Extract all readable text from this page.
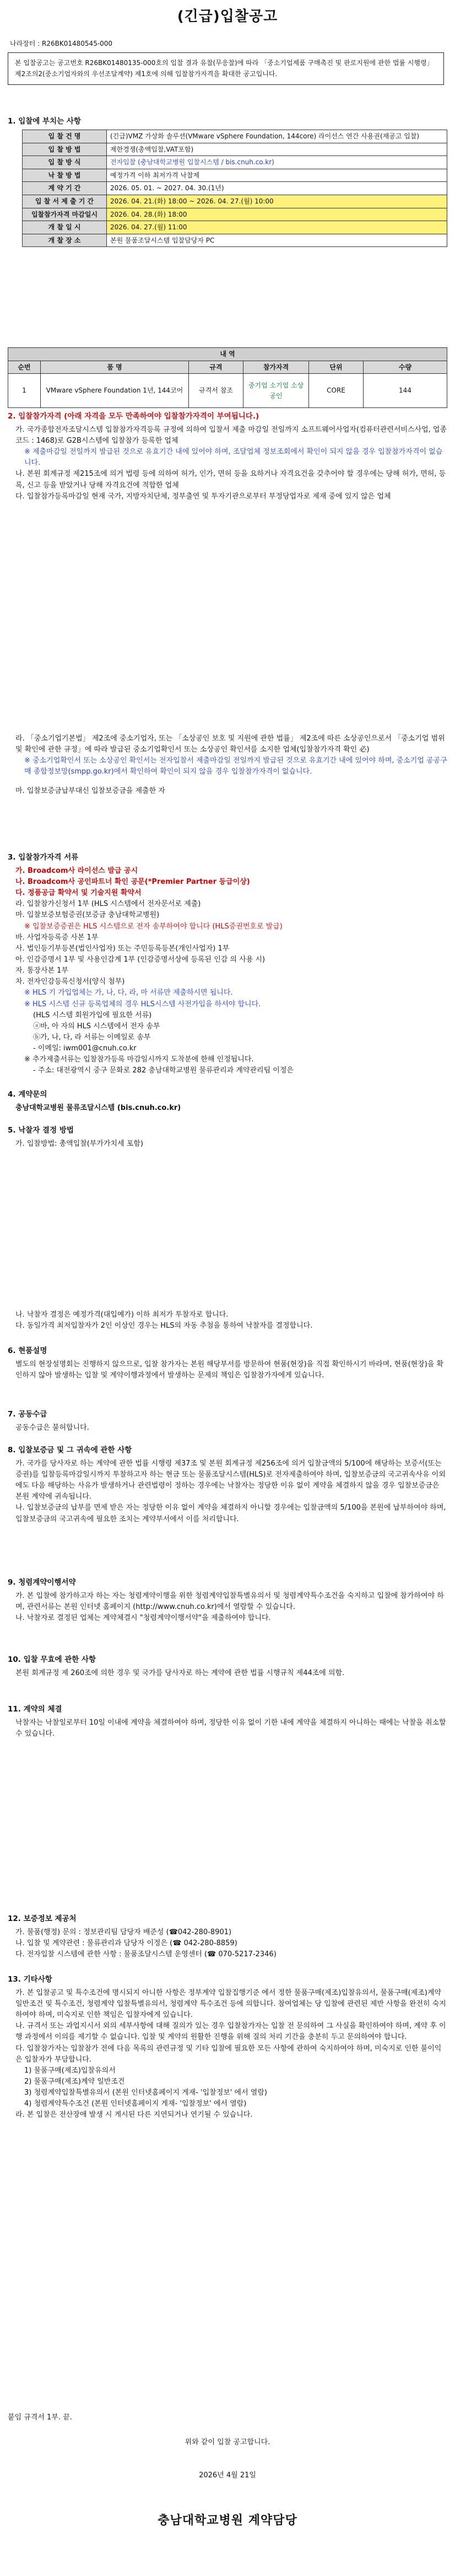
(긴급)입찰공고
나라장터 : R26BK01480545-000
본 입찰공고는 공고번호 R26BK01480135-000호의 입찰 결과 유찰(무응찰)에 따라 「중소기업제품 구매촉진 및 판로지원에 관한 법률 시행령」 제2조의2(중소기업자와의 우선조달계약) 제1호에 의해 입찰참가자격을 확대한 공고입니다.
1. 입찰에 부치는 사항
입 찰 건 명	(긴급)VMZ 가상화 솔루션(VMware vSphere Foundation, 144core) 라이선스 연간 사용권(재공고 입찰)
입 찰 방 법	제한경쟁(총액입찰,VAT포함)
입 찰 방 식	전자입찰 (충남대학교병원 입찰시스템 / bis.cnuh.co.kr)
낙 찰 방 법	예정가격 이하 최저가격 낙찰제
계 약 기 간	2026. 05. 01. ~ 2027. 04. 30.(1년)
입 찰 서 제 출 기 간	2026. 04. 21.(화) 18:00 ~ 2026. 04. 27.(월) 10:00
입찰참가자격 마감일시	2026. 04. 28.(화) 18:00
개 찰 일 시	2026. 04. 27.(월) 11:00
개 찰 장 소	본원 물품조달시스템 입찰담당자 PC
내 역					
순번	품 명	규격	참가자격	단위	수량
1	VMware vSphere Foundation 1년, 144코어	규격서 참조	중기업 소기업 소상공인	CORE	144
2. 입찰참가자격 (아래 자격을 모두 만족하여야 입찰참가자격이 부여됩니다.)

가. 국가종합전자조달시스템 입찰참가자격등록 규정에 의하여 입찰서 제출 마감일 전일까지 소프트웨어사업자(컴퓨터관련서비스사업, 업종코드 : 1468)로 G2B시스템에 입찰참가 등록한 업체

※ 제출마감일 전일까지 발급된 것으로 유효기간 내에 있어야 하며, 조달업체 정보조회에서 확인이 되지 않을 경우 입찰참가자격이 없습니다.

나. 본원 회계규정 제215조에 의거 법령 등에 의하여 허가, 인가, 면허 등을 요하거나 자격요건을 갖추어야 할 경우에는 당해 허가, 면허, 등록, 신고 등을 받았거나 당해 자격요건에 적합한 업체

다. 입찰참가등록마감일 현재 국가, 지방자치단체, 정부출연 및 투자기관으로부터 부정당업자로 제재 중에 있지 않은 업체

라. 「중소기업기본법」 제2조에 중소기업자, 또는 「소상공인 보호 및 지원에 관한 법률」 제2조에 따른 소상공인으로서 「중소기업 범위 및 확인에 관한 규정」에 따라 발급된 중소기업확인서 또는 소상공인 확인서를 소지한 업체(입찰참가자격 확인 必)

※ 중소기업확인서 또는 소상공인 확인서는 전자입찰서 제출마감일 전일까지 발급된 것으로 유효기간 내에 있어야 하며, 중소기업 공공구매 종합정보망(smpp.go.kr)에서 확인하여 확인이 되지 않을 경우 입찰참가자격이 없습니다.

마. 입찰보증금납부대신 입찰보증금을 제출한 자

3. 입찰참가자격 서류

가. Broadcom사 라이선스 발급 공시

나. Broadcom사 공인파트너 확인 공문(*Premier Partner 등급이상)

다. 정품공급 확약서 및 기술지원 확약서

라. 입찰참가신청서 1부 (HLS 시스템에서 전자문서로 제출)

마. 입찰보증보험증권(보증금 충남대학교병원)

※ 입찰보증증권은 HLS 시스템으로 전자 송부하여야 합니다 (HLS증권번호로 발급)

바. 사업자등록증 사본 1부

사. 법인등기부등본(법인사업자) 또는 주민등록등본(개인사업자) 1부

아. 인감증명서 1부 및 사용인감계 1부 (인감증명서상에 등록된 인감 의 사용 시)

자. 통장사본 1부

차. 전자인감등록신청서(양식 첨부)

※ HLS 기 가입업체는 가, 나, 다, 라, 마 서류만 제출하시면 됩니다.

※ HLS 시스템 신규 등록업체의 경우 HLS시스템 사전가입을 하셔야 합니다.

(HLS 시스템 회원가입에 필요한 서류)

ⓐ바, 아 자의 HLS 시스템에서 전자 송부

ⓑ가, 나, 다, 라 서류는 이메일로 송부

- 이메일: iwm001@cnuh.co.kr

※ 추가제출서류는 입찰참가등록 마감일시까지 도착분에 한해 인정됩니다.

- 주소: 대전광역시 중구 문화로 282 충남대학교병원 물류관리과 계약관리팀 이정은

4. 계약문의

충남대학교병원 물류조달시스템 (bis.cnuh.co.kr)

5. 낙찰자 결정 방법

가. 입찰방법: 총액입찰(부가가치세 포함)

나. 낙찰자 결정은 예정가격(대입예가) 이하 최저가 투찰자로 합니다.

다. 동일가격 최저입찰자가 2인 이상인 경우는 HLS의 자동 추첨을 통하여 낙찰자를 결정합니다.

6. 현품설명

별도의 현장설명회는 진행하지 않으므로, 입찰 참가자는 본원 해당부서를 방문하여 현품(현장)을 직접 확인하시기 바라며, 현품(현장)을 확인하지 않아 발생하는 입찰 및 계약이행과정에서 발생하는 문제의 책임은 입찰참가자에게 있습니다.

7. 공동수급

공동수급은 불허합니다.

8. 입찰보증금 및 그 귀속에 관한 사항

가. 국가를 당사자로 하는 계약에 관한 법률 시행령 제37조 및 본원 회계규정 제256조에 의거 입찰금액의 5/100에 해당하는 보증서(또는 증권)를 입찰등록마감일시까지 투찰하고자 하는 현금 또는 물품조달시스템(HLS)로 전자제출하여야 하며, 입찰보증금의 국고귀속사유 이외에도 다음 해당하는 사유가 발생하거나 관련법령이 정하는 경우에는 낙찰자는 정당한 이유 없이 계약을 체결하지 않을 경우 입찰보증금은 본원 계약에 귀속됩니다.

나. 입찰보증금의 납부를 면제 받은 자는 정당한 이유 없이 계약을 체결하지 아니할 경우에는 입찰금액의 5/100을 본원에 납부하여야 하며, 입찰보증금의 국고귀속에 필요한 조치는 계약부서에서 이를 처리합니다.

9. 청렴계약이행서약

가. 본 입찰에 참가하고자 하는 자는 청렴계약이행을 위한 청렴계약입찰특별유의서 및 청렴계약특수조건을 숙지하고 입찰에 참가하여야 하며, 관련서류는 본원 인터넷 홈페이지 (http://www.cnuh.co.kr)에서 열람할 수 있습니다.

나. 낙찰자로 결정된 업체는 계약체결시 "청렴계약이행서약"을 제출하여야 합니다.

10. 입찰 무효에 관한 사항

본원 회계규정 제 260조에 의한 경우 및 국가를 당사자로 하는 계약에 관한 법률 시행규칙 제44조에 의함.

11. 계약의 체결

낙찰자는 낙찰일로부터 10일 이내에 계약을 체결하여야 하며, 정당한 이유 없이 기한 내에 계약을 체결하지 아니하는 때에는 낙찰을 취소할 수 있습니다.

12. 보증정보 제공처

가. 물품(행정) 문의 : 정보관리팀 담당자 배준성 (☎042-280-8901)

나. 입찰 및 계약관련 : 물류관리과 담당자 이정은 (☎ 042-280-8859)

다. 전자입찰 시스템에 관한 사항 : 물품조달시스템 운영센터 (☎ 070-5217-2346)

13. 기타사항

가. 본 입찰공고 및 특수조건에 명시되지 아니한 사항은 정부계약 입찰집행기준 에서 정한 물품구매(제조)입찰유의서, 물품구매(제조)계약일반조건 및 특수조건, 청렴계약 입찰특별유의서, 청렴계약 특수조건 등에 의합니다. 참여업체는 당 입찰에 관련된 제반 사항을 완전히 숙지하여야 하며, 미숙지로 인한 책임은 입찰자에게 있습니다.

나. 규격서 또는 과업지시서 외의 세부사항에 대해 질의가 있는 경우 입찰참가자는 입찰 전 문의하여 그 사실을 확인하여야 하며, 계약 후 이행 과정에서 이의를 제기할 수 없습니다. 입찰 및 계약의 원활한 진행을 위해 질의 처리 기간을 충분히 두고 문의하여야 합니다.

다. 입찰참가자는 입찰참가 전에 다음 목록의 관련규정 및 기타 입찰에 필요한 모든 사항에 관하여 숙지하여야 하며, 미숙지로 인한 불이익은 입찰자가 부담합니다.

1) 물품구매(제조)입찰유의서

2) 물품구매(제조)계약 일반조건

3) 청렴계약입찰특별유의서 (본원 인터넷홈페이지 게재- '입찰정보' 에서 열람)

4) 청렴계약특수조건 (본원 인터넷홈페이지 게재- '입찰정보' 에서 열람)

라. 본 입찰은 전산장애 발생 시 게시된 다른 지연되거나 연기될 수 있습니다.

붙임 규격서 1부. 끝.

위와 같이 입찰 공고합니다.

2026년 4월 21일
충남대학교병원 계약담당
